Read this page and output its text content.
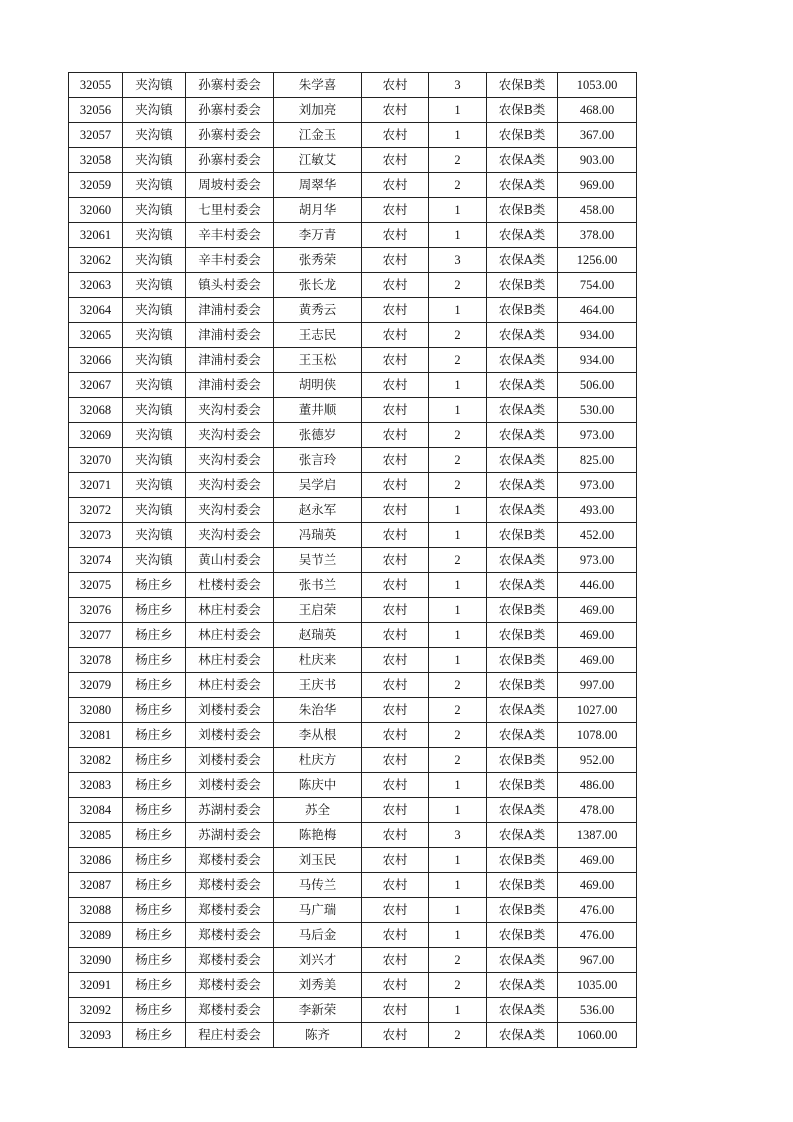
32055	夹沟镇	孙寨村委会	朱学喜	农村	3	农保B类	1053.00
32056	夹沟镇	孙寨村委会	刘加亮	农村	1	农保B类	468.00
32057	夹沟镇	孙寨村委会	江金玉	农村	1	农保B类	367.00
32058	夹沟镇	孙寨村委会	江敏艾	农村	2	农保A类	903.00
32059	夹沟镇	周坡村委会	周翠华	农村	2	农保A类	969.00
32060	夹沟镇	七里村委会	胡月华	农村	1	农保B类	458.00
32061	夹沟镇	辛丰村委会	李万青	农村	1	农保A类	378.00
32062	夹沟镇	辛丰村委会	张秀荣	农村	3	农保A类	1256.00
32063	夹沟镇	镇头村委会	张长龙	农村	2	农保B类	754.00
32064	夹沟镇	津浦村委会	黄秀云	农村	1	农保B类	464.00
32065	夹沟镇	津浦村委会	王志民	农村	2	农保A类	934.00
32066	夹沟镇	津浦村委会	王玉松	农村	2	农保A类	934.00
32067	夹沟镇	津浦村委会	胡明侠	农村	1	农保A类	506.00
32068	夹沟镇	夹沟村委会	董井顺	农村	1	农保A类	530.00
32069	夹沟镇	夹沟村委会	张德岁	农村	2	农保A类	973.00
32070	夹沟镇	夹沟村委会	张言玲	农村	2	农保A类	825.00
32071	夹沟镇	夹沟村委会	吴学启	农村	2	农保A类	973.00
32072	夹沟镇	夹沟村委会	赵永军	农村	1	农保A类	493.00
32073	夹沟镇	夹沟村委会	冯瑞英	农村	1	农保B类	452.00
32074	夹沟镇	黄山村委会	吴节兰	农村	2	农保A类	973.00
32075	杨庄乡	杜楼村委会	张书兰	农村	1	农保A类	446.00
32076	杨庄乡	林庄村委会	王启荣	农村	1	农保B类	469.00
32077	杨庄乡	林庄村委会	赵瑞英	农村	1	农保B类	469.00
32078	杨庄乡	林庄村委会	杜庆来	农村	1	农保B类	469.00
32079	杨庄乡	林庄村委会	王庆书	农村	2	农保B类	997.00
32080	杨庄乡	刘楼村委会	朱治华	农村	2	农保A类	1027.00
32081	杨庄乡	刘楼村委会	李从根	农村	2	农保A类	1078.00
32082	杨庄乡	刘楼村委会	杜庆方	农村	2	农保B类	952.00
32083	杨庄乡	刘楼村委会	陈庆中	农村	1	农保B类	486.00
32084	杨庄乡	苏湖村委会	苏全	农村	1	农保A类	478.00
32085	杨庄乡	苏湖村委会	陈艳梅	农村	3	农保A类	1387.00
32086	杨庄乡	郑楼村委会	刘玉民	农村	1	农保B类	469.00
32087	杨庄乡	郑楼村委会	马传兰	农村	1	农保B类	469.00
32088	杨庄乡	郑楼村委会	马广瑞	农村	1	农保B类	476.00
32089	杨庄乡	郑楼村委会	马后金	农村	1	农保B类	476.00
32090	杨庄乡	郑楼村委会	刘兴才	农村	2	农保A类	967.00
32091	杨庄乡	郑楼村委会	刘秀美	农村	2	农保A类	1035.00
32092	杨庄乡	郑楼村委会	李新荣	农村	1	农保A类	536.00
32093	杨庄乡	程庄村委会	陈齐	农村	2	农保A类	1060.00
